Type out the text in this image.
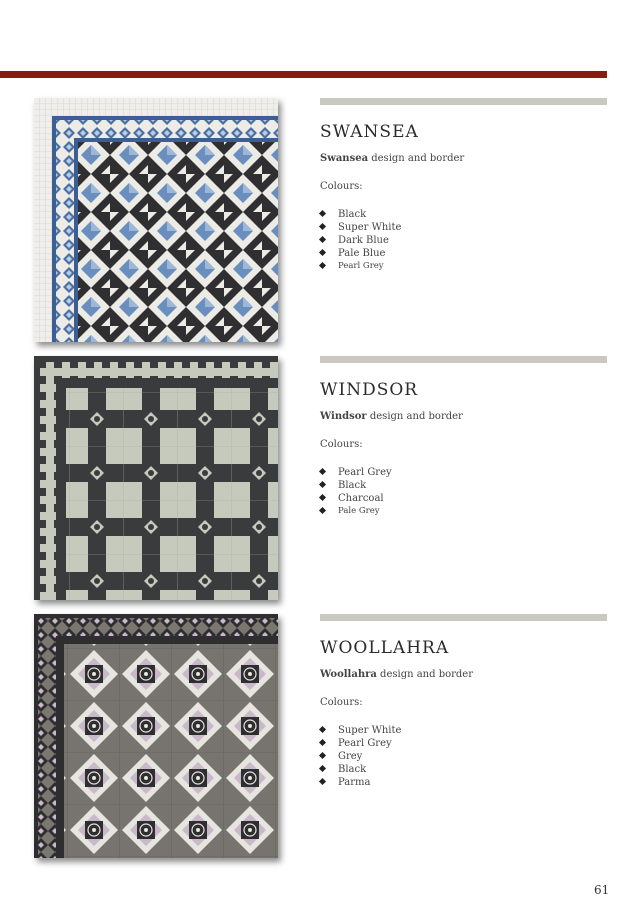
SWANSEA
Swansea design and border
Colours:
Black
Super White
Dark Blue
Pale Blue
Pearl Grey
WINDSOR
Windsor design and border
Colours:
Pearl Grey
Black
Charcoal
Pale Grey
WOOLLAHRA
Woollahra design and border
Colours:
Super White
Pearl Grey
Grey
Black
Parma
61
